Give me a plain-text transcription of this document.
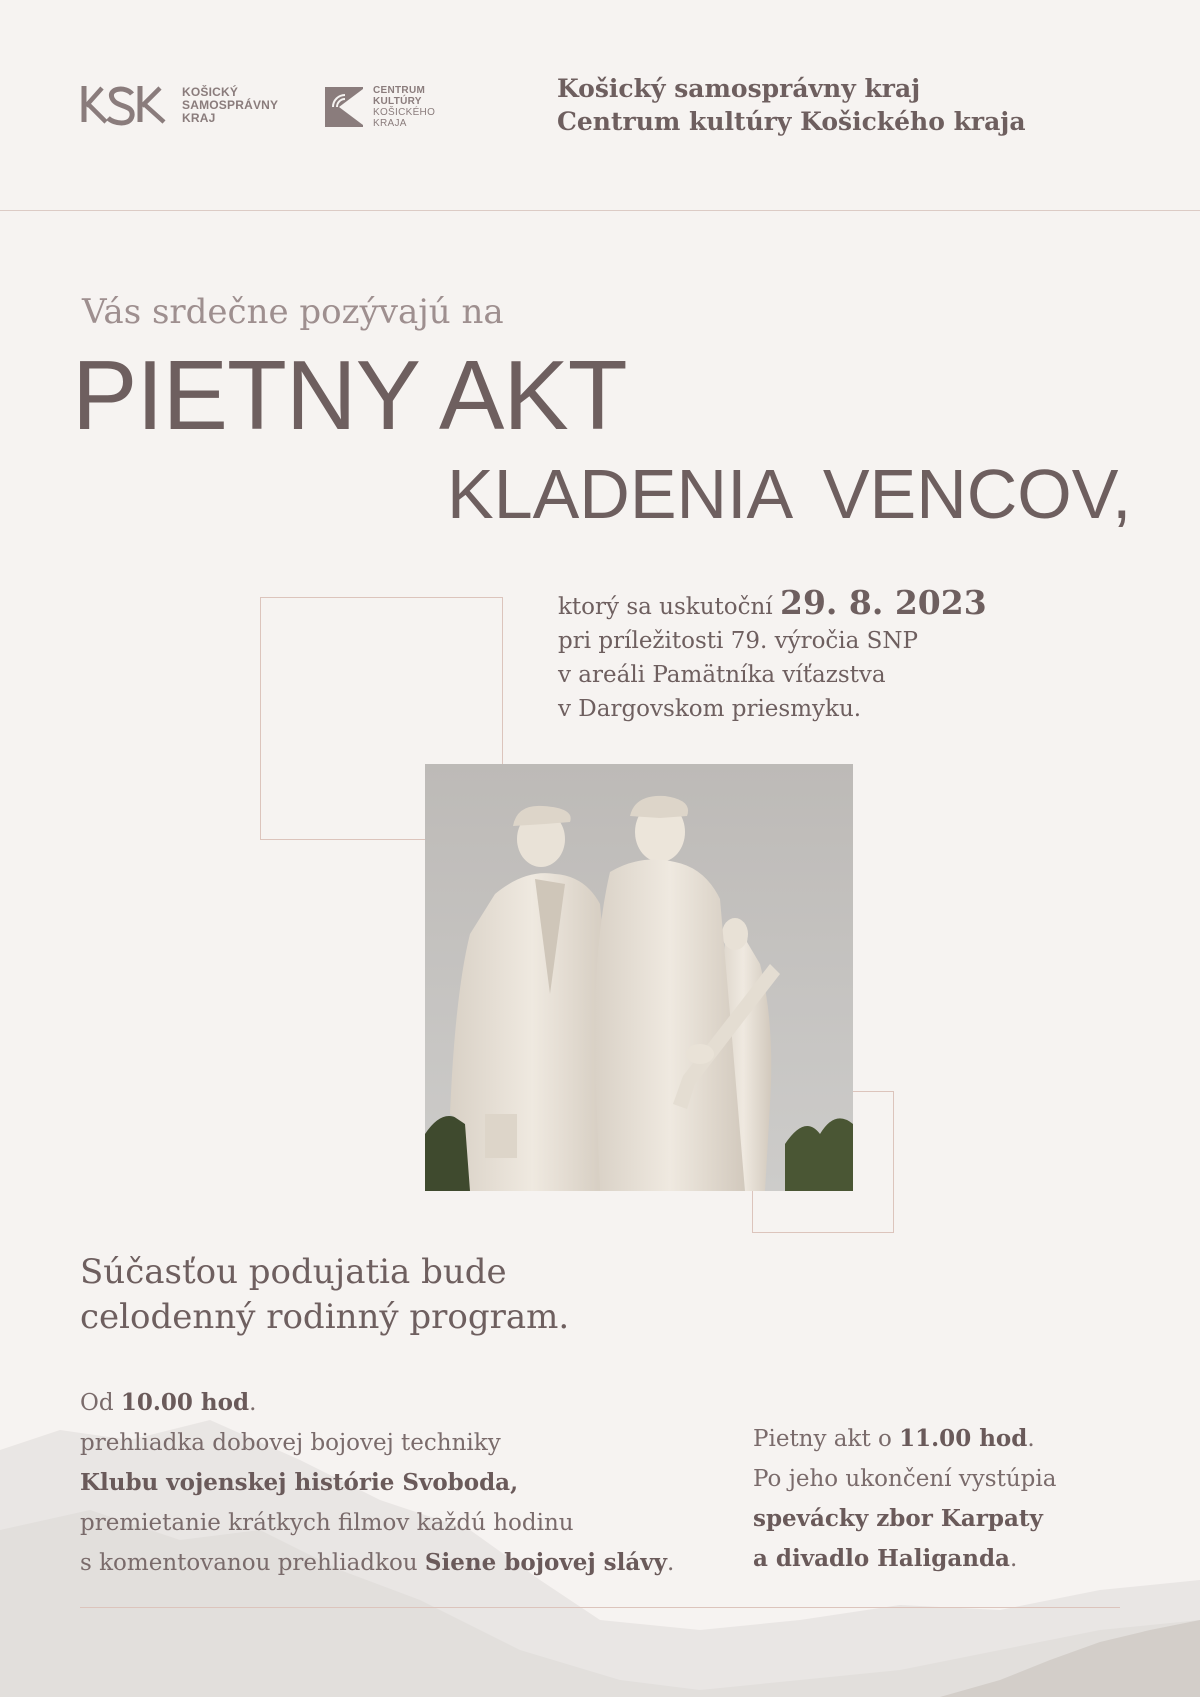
KOŠICKÝ
SAMOSPRÁVNY
KRAJ
CENTRUM
KULTÚRY
KOŠICKÉHO
KRAJA
Košický samosprávny kraj
Centrum kultúry Košického kraja
Vás srdečne pozývajú na
PIETNY AKT
KLADENIA VENCOV,
ktorý sa uskutoční 29. 8. 2023
pri príležitosti 79. výročia SNP
v areáli Pamätníka víťazstva
v Dargovskom priesmyku.
Súčasťou podujatia bude
celodenný rodinný program.
Od 10.00 hod.
prehliadka dobovej bojovej techniky
Klubu vojenskej histórie Svoboda,
premietanie krátkych filmov každú hodinu
s komentovanou prehliadkou Siene bojovej slávy.
Pietny akt o 11.00 hod.
Po jeho ukončení vystúpia
spevácky zbor Karpaty
a divadlo Haliganda.
